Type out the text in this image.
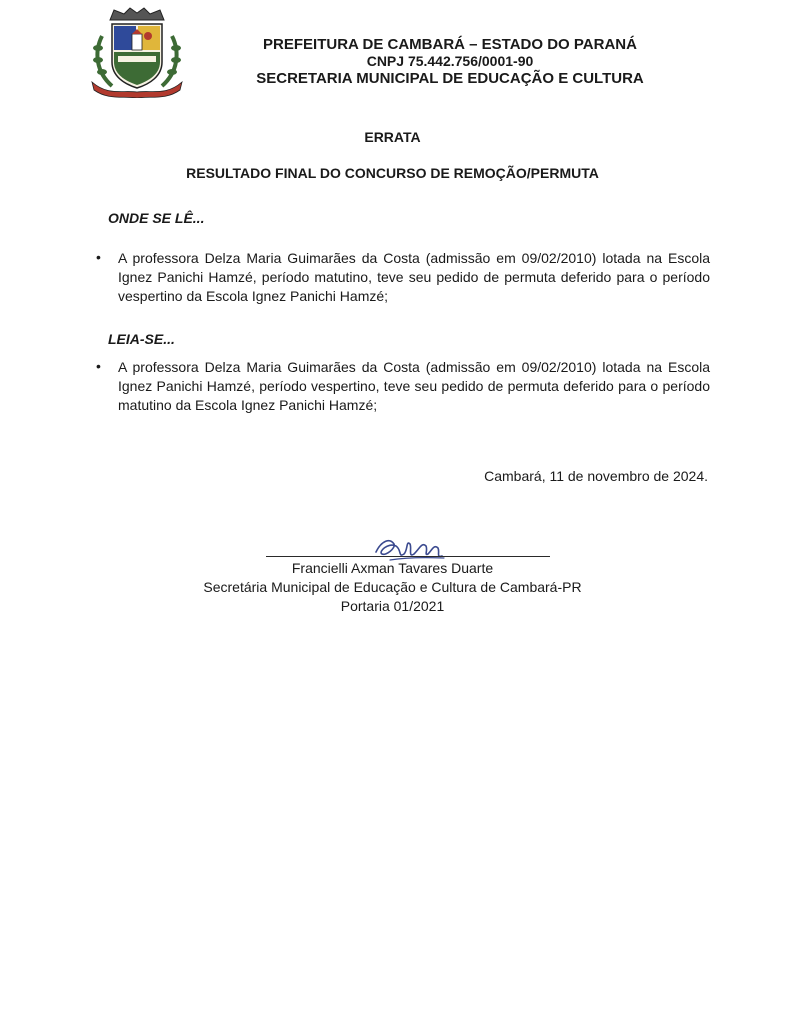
PREFEITURA DE CAMBARÁ – ESTADO DO PARANÁ
CNPJ 75.442.756/0001-90
SECRETARIA MUNICIPAL DE EDUCAÇÃO E CULTURA
ERRATA
RESULTADO FINAL DO CONCURSO DE REMOÇÃO/PERMUTA
ONDE SE LÊ...
• A professora Delza Maria Guimarães da Costa (admissão em 09/02/2010) lotada na Escola Ignez Panichi Hamzé, período matutino, teve seu pedido de permuta deferido para o período vespertino da Escola Ignez Panichi Hamzé;
LEIA-SE...
• A professora Delza Maria Guimarães da Costa (admissão em 09/02/2010) lotada na Escola Ignez Panichi Hamzé, período vespertino, teve seu pedido de permuta deferido para o período matutino da Escola Ignez Panichi Hamzé;
Cambará, 11 de novembro de 2024.
Francielli Axman Tavares Duarte
Secretária Municipal de Educação e Cultura de Cambará-PR
Portaria 01/2021
